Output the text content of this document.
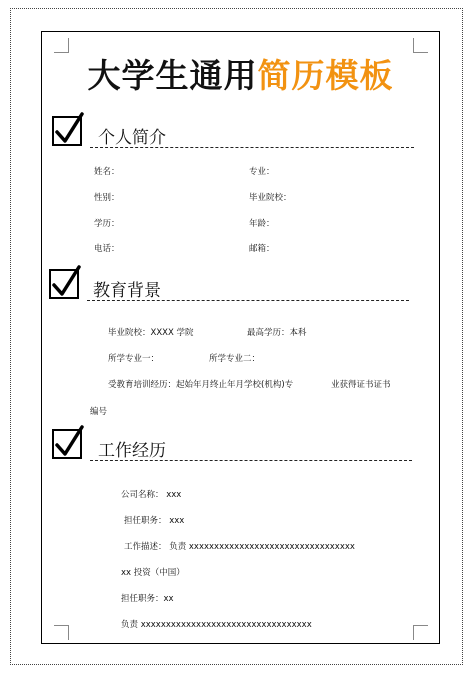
大学生通用简历模板
个人简介
姓名：	专业：
性别：	毕业院校：
学历：	年龄：
电话：	邮箱：
教育背景
毕业院校：XXXX 学院	最高学历：本科
所学专业一：	所学专业二：
受教育培训经历：起始年月终止年月学校(机构)专	业获得证书证书
编号
工作经历
公司名称： xxx
担任职务： xxx
工作描述： 负责 xxxxxxxxxxxxxxxxxxxxxxxxxxxxxxxxx
xx 投资（中国）
担任职务：xx
负责 xxxxxxxxxxxxxxxxxxxxxxxxxxxxxxxxxx
